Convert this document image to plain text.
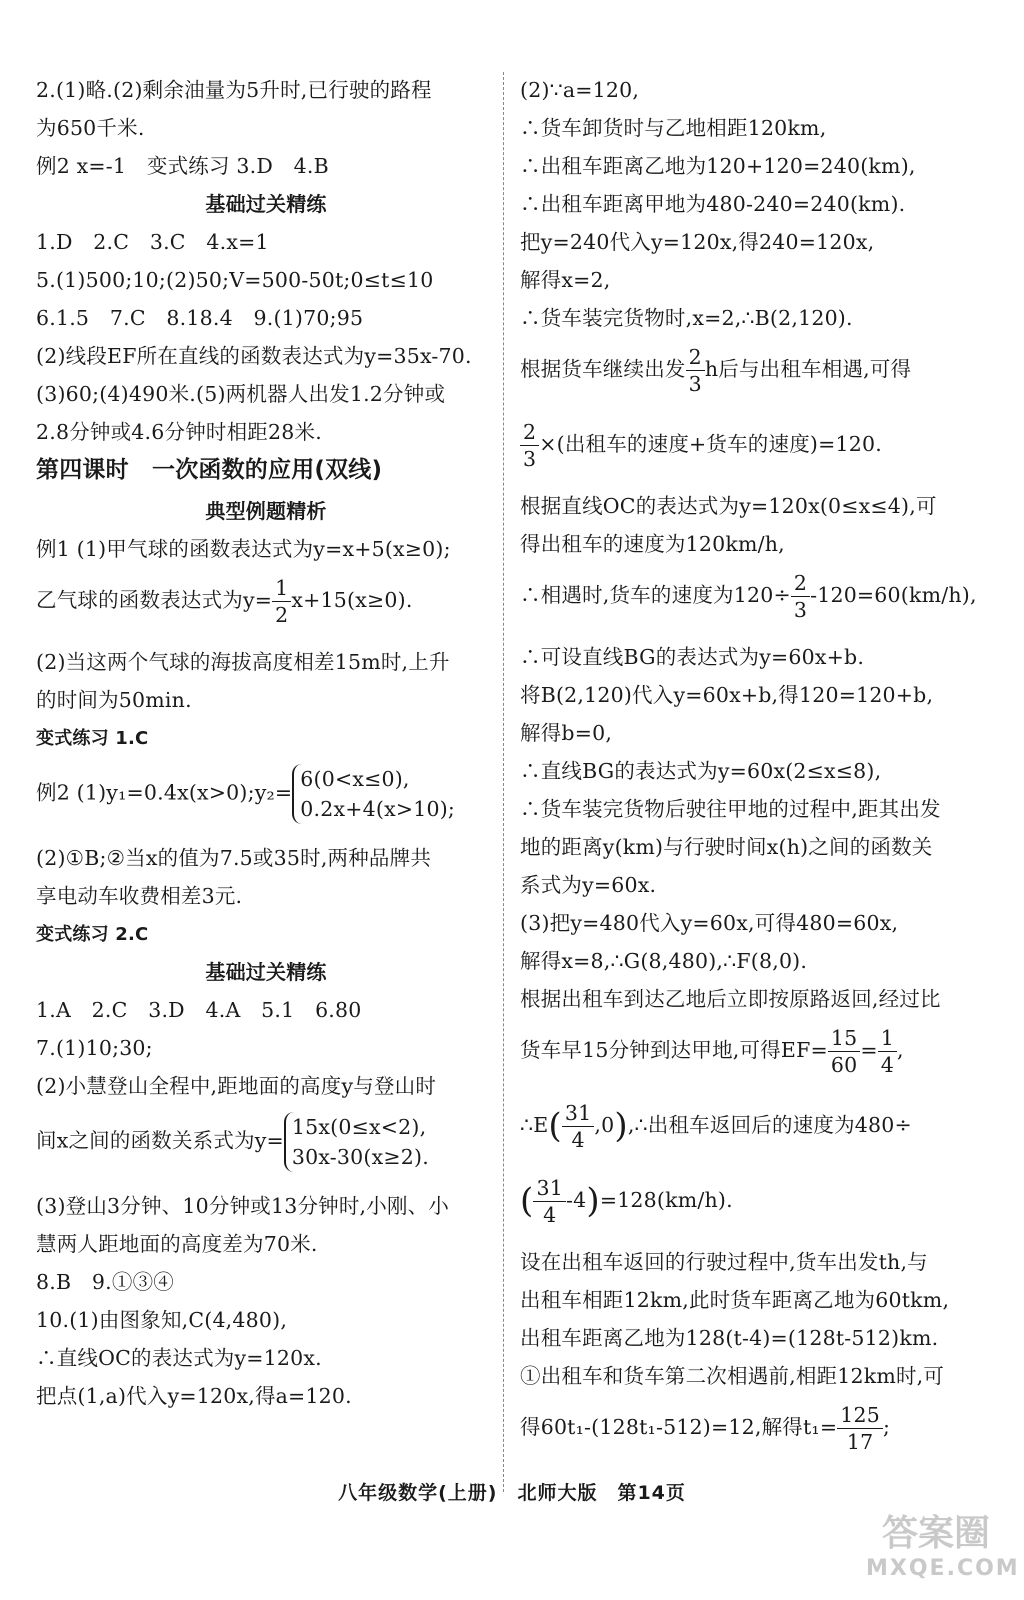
2.(1)略.(2)剩余油量为5升时,已行驶的路程
为650千米.
例2 x=-1　变式练习 3.D　4.B
基础过关精练
1.D　2.C　3.C　4.x=1
5.(1)500;10;(2)50;V=500-50t;0≤t≤10
6.1.5　7.C　8.18.4　9.(1)70;95
(2)线段EF所在直线的函数表达式为y=35x-70.
(3)60;(4)490米.(5)两机器人出发1.2分钟或
2.8分钟或4.6分钟时相距28米.
第四课时　一次函数的应用(双线)
典型例题精析
例1 (1)甲气球的函数表达式为y=x+5(x≥0);
乙气球的函数表达式为$y= \frac{1}{2} x+15(x\ge 0)$.
(2)当这两个气球的海拔高度相差15m时,上升
的时间为50min.
变式练习 1.C
例2 (1)y₁=0.4x(x>0);y₂=
6(0<x≤0),
0.2x+4(x>10);
(2)①B;②当x的值为7.5或35时,两种品牌共
享电动车收费相差3元.
变式练习 2.C
基础过关精练
1.A　2.C　3.D　4.A　5.1　6.80
7.(1)10;30;
(2)小慧登山全程中,距地面的高度y与登山时
间x之间的函数关系式为y=
15x(0≤x<2),
30x-30(x≥2).
(3)登山3分钟、10分钟或13分钟时,小刚、小
慧两人距地面的高度差为70米.
8.B　9.①③④
10.(1)由图象知,C(4,480),
∴直线OC的表达式为y=120x.
把点(1,a)代入y=120x,得a=120.
(2)∵a=120,
∴货车卸货时与乙地相距120km,
∴出租车距离乙地为120+120=240(km),
∴出租车距离甲地为480-240=240(km).
把y=240代入y=120x,得240=120x,
解得x=2,
∴货车装完货物时,x=2,∴B(2,120).
根据货车继续出发 $\frac{2}{3}$ h后与出租车相遇,可得
$\frac{2}{3}$ ×(出租车的速度+货车的速度)=120.
根据直线OC的表达式为y=120x(0≤x≤4),可
得出租车的速度为120km/h,
∴相遇时,货车的速度为$120\div \frac{2}{3} -120=60(km/h)$,
∴可设直线BG的表达式为y=60x+b.
将B(2,120)代入y=60x+b,得120=120+b,
解得b=0,
∴直线BG的表达式为y=60x(2≤x≤8),
∴货车装完货物后驶往甲地的过程中,距其出发
地的距离y(km)与行驶时间x(h)之间的函数关
系式为y=60x.
(3)把y=480代入y=60x,可得480=60x,
解得x=8,∴G(8,480),∴F(8,0).
根据出租车到达乙地后立即按原路返回,经过比
货车早15分钟到达甲地,可得$EF= \frac{15}{60} = \frac{1}{4}$ ,
∴E( $\frac{31}{4}$ ,0),∴出租车返回后的速度为480÷
( $\frac{31}{4} -4)=128(km/h)$.
设在出租车返回的行驶过程中,货车出发th,与
出租车相距12km,此时货车距离乙地为60tkm,
出租车距离乙地为128(t-4)=(128t-512)km.
①出租车和货车第二次相遇前,相距12km时,可
得60t₁-(128t₁-512)=12,解得$t_1= \frac{125}{17}$ ;
八年级数学(上册)　北师大版　第14页
答案圈
MXQE.COM
